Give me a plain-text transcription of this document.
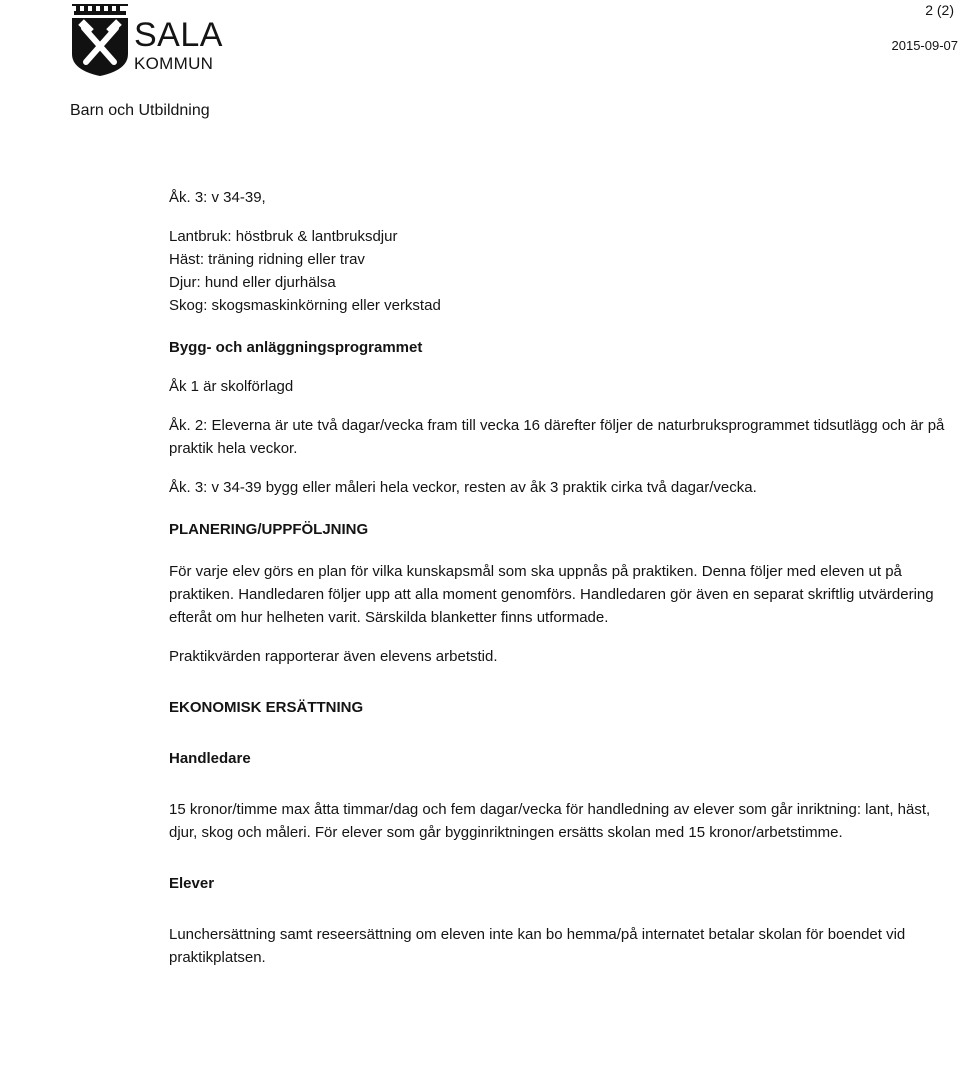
SALA
KOMMUN
2 (2)
2015-09-07
Barn och Utbildning

Åk. 3: v 34-39,

Lantbruk: höstbruk & lantbruksdjur

Häst: träning ridning eller trav

Djur: hund eller djurhälsa

Skog: skogsmaskinkörning eller verkstad

Bygg- och anläggningsprogrammet

Åk 1 är skolförlagd

Åk. 2: Eleverna är ute två dagar/vecka fram till vecka 16 därefter följer de naturbruksprogrammet tidsutlägg och är på praktik hela veckor.

Åk. 3: v 34-39 bygg eller måleri hela veckor, resten av åk 3 praktik cirka två dagar/vecka.

PLANERING/UPPFÖLJNING

För varje elev görs en plan för vilka kunskapsmål som ska uppnås på praktiken. Denna följer med eleven ut på praktiken. Handledaren följer upp att alla moment genomförs. Handledaren gör även en separat skriftlig utvärdering efteråt om hur helheten varit. Särskilda blanketter finns utformade.

Praktikvärden rapporterar även elevens arbetstid.

EKONOMISK ERSÄTTNING

Handledare

15 kronor/timme max åtta timmar/dag och fem dagar/vecka för handledning av elever som går inriktning: lant, häst, djur, skog och måleri. För elever som går bygginriktningen ersätts skolan med 15 kronor/arbetstimme.

Elever

Lunchersättning samt reseersättning om eleven inte kan bo hemma/på internatet betalar skolan för boendet vid praktikplatsen.
